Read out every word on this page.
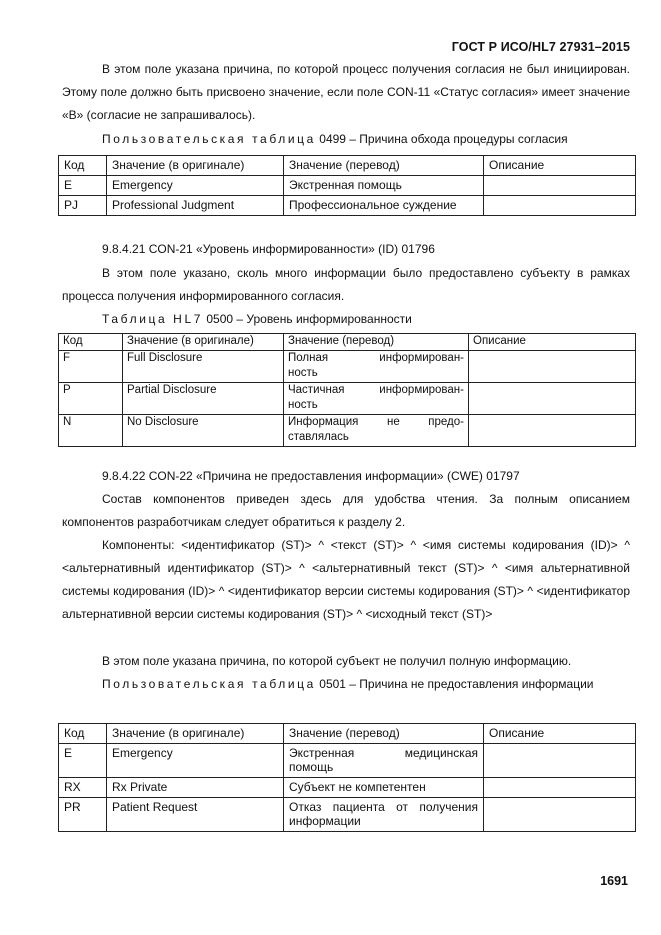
ГОСТ Р ИСО/HL7 27931–2015
В этом поле указана причина, по которой процесс получения согласия не был инициирован. Этому поле должно быть присвоено значение, если поле CON-11 «Статус согласия» имеет значение «B» (согласие не запрашивалось).
Пользовательская таблица 0499 – Причина обхода процедуры согласия
Код	Значение (в оригинале)	Значение (перевод)	Описание
E	Emergency	Экстренная помощь	
PJ	Professional Judgment	Профессиональное суждение	
9.8.4.21 CON-21 «Уровень информированности» (ID) 01796
В этом поле указано, сколь много информации было предоставлено субъекту в рамках процесса получения информированного согласия.
Таблица HL7 0500 – Уровень информированности
Код	Значение (в оригинале)	Значение (перевод)	Описание
F	Full Disclosure	Полная информирован-
ность	

P	Partial Disclosure	Частичная информирован-
ность	

N	No Disclosure	Информация не предо-
ставлялась	

9.8.4.22 CON-22 «Причина не предоставления информации» (CWE) 01797
Состав компонентов приведен здесь для удобства чтения. За полным описанием компонентов разработчикам следует обратиться к разделу 2.
Компоненты: <идентификатор (ST)> ^ <текст (ST)> ^ <имя системы кодирования (ID)> ^ <альтернативный идентификатор (ST)> ^ <альтернативный текст (ST)> ^ <имя альтернативной системы кодирования (ID)> ^ <идентификатор версии системы кодирования (ST)> ^ <идентификатор альтернативной версии системы кодирования (ST)> ^ <исходный текст (ST)>
В этом поле указана причина, по которой субъект не получил полную информацию.
Пользовательская таблица 0501 – Причина не предоставления информации
Код	Значение (в оригинале)	Значение (перевод)	Описание
E	Emergency	Экстренная медицинская помощь	
RX	Rx Private	Субъект не компетентен	
PR	Patient Request	Отказ пациента от получения информации	
1691
